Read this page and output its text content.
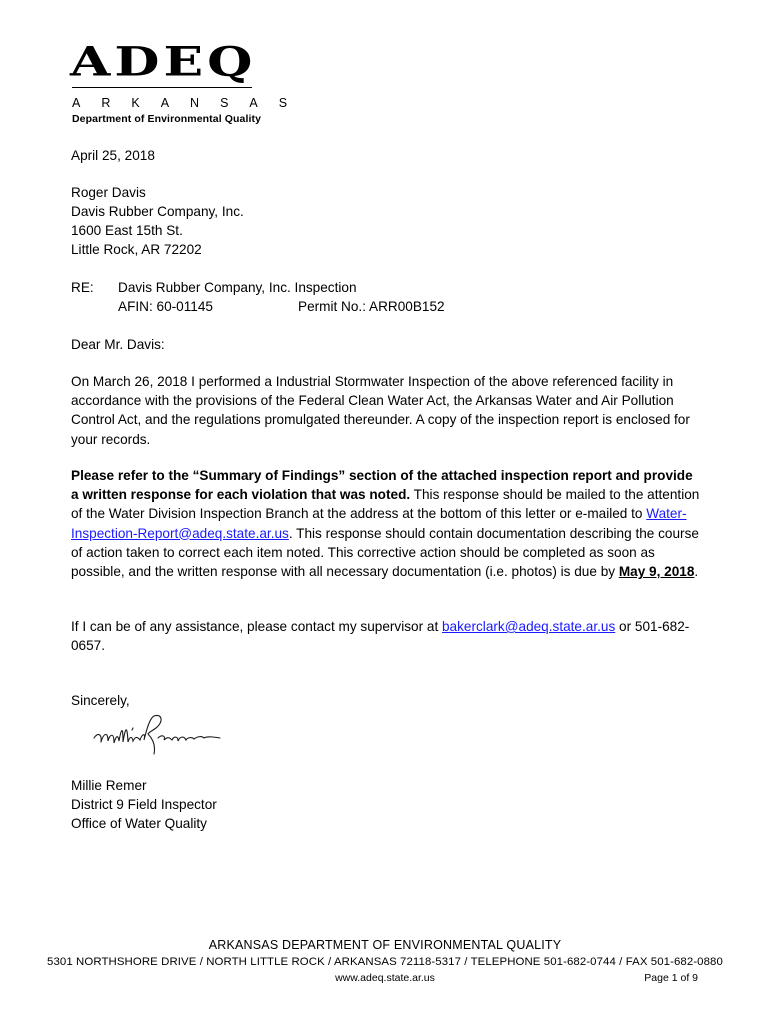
ADEQ
ARKANSAS
Department of Environmental Quality
April 25, 2018
Roger Davis
Davis Rubber Company, Inc.
1600 East 15th St.
Little Rock, AR 72202
RE: Davis Rubber Company, Inc. Inspection
AFIN: 60-01145	Permit No.: ARR00B152
Dear Mr. Davis:
On March 26, 2018 I performed a Industrial Stormwater Inspection of the above referenced facility in accordance with the provisions of the Federal Clean Water Act, the Arkansas Water and Air Pollution Control Act, and the regulations promulgated thereunder. A copy of the inspection report is enclosed for your records.
Please refer to the “Summary of Findings” section of the attached inspection report and provide a written response for each violation that was noted. This response should be mailed to the attention of the Water Division Inspection Branch at the address at the bottom of this letter or e-mailed to Water-Inspection-Report@adeq.state.ar.us. This response should contain documentation describing the course of action taken to correct each item noted. This corrective action should be completed as soon as possible, and the written response with all necessary documentation (i.e. photos) is due by May 9, 2018.
If I can be of any assistance, please contact my supervisor at bakerclark@adeq.state.ar.us or 501-682-0657.
Sincerely,
Millie Remer
District 9 Field Inspector
Office of Water Quality
ARKANSAS DEPARTMENT OF ENVIRONMENTAL QUALITY
5301 NORTHSHORE DRIVE / NORTH LITTLE ROCK / ARKANSAS 72118-5317 / TELEPHONE 501-682-0744 / FAX 501-682-0880
www.adeq.state.ar.us	Page 1 of 9
